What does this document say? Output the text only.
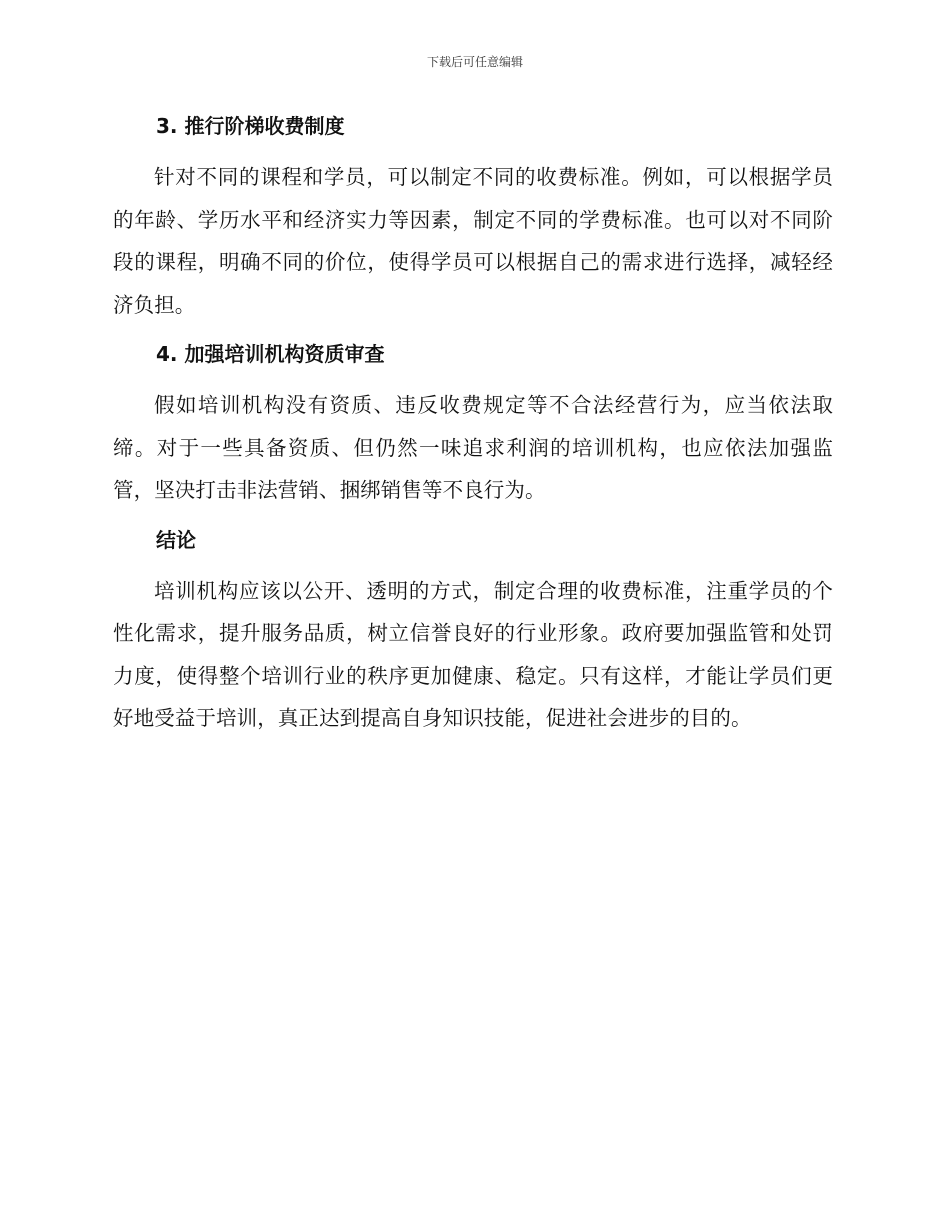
下载后可任意编辑
3. 推行阶梯收费制度

针对不同的课程和学员，可以制定不同的收费标准。例如，可以根据学员的年龄、学历水平和经济实力等因素，制定不同的学费标准。也可以对不同阶段的课程，明确不同的价位，使得学员可以根据自己的需求进行选择，减轻经济负担。

4. 加强培训机构资质审查

假如培训机构没有资质、违反收费规定等不合法经营行为，应当依法取缔。对于一些具备资质、但仍然一味追求利润的培训机构，也应依法加强监管，坚决打击非法营销、捆绑销售等不良行为。

结论

培训机构应该以公开、透明的方式，制定合理的收费标准，注重学员的个性化需求，提升服务品质，树立信誉良好的行业形象。政府要加强监管和处罚力度，使得整个培训行业的秩序更加健康、稳定。只有这样，才能让学员们更好地受益于培训，真正达到提高自身知识技能，促进社会进步的目的。
